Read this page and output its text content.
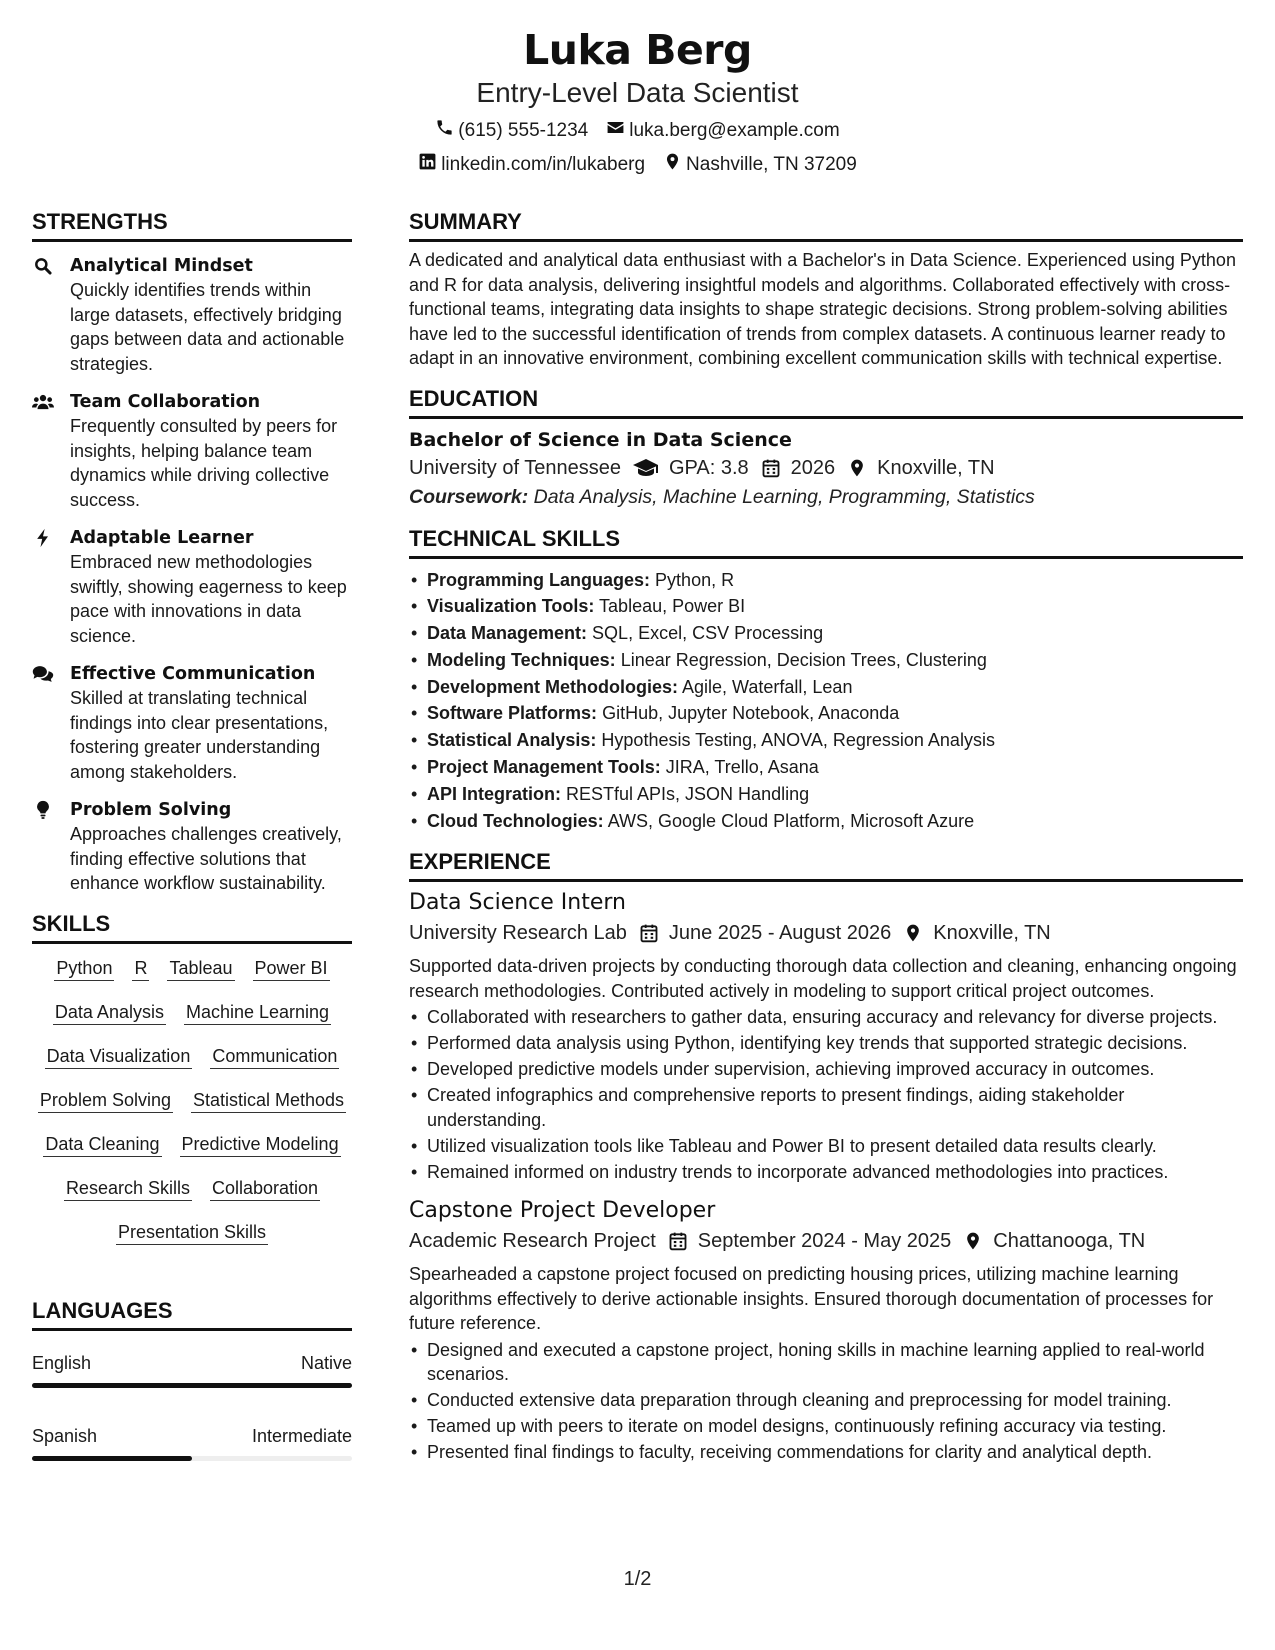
Luka Berg
Entry-Level Data Scientist
(615) 555-1234 luka.berg@example.com
linkedin.com/in/lukaberg Nashville, TN 37209
STRENGTHS
Analytical Mindset
Quickly identifies trends within large datasets, effectively bridging gaps between data and actionable strategies.
Team Collaboration
Frequently consulted by peers for insights, helping balance team dynamics while driving collective success.
Adaptable Learner
Embraced new methodologies swiftly, showing eagerness to keep pace with innovations in data science.
Effective Communication
Skilled at translating technical findings into clear presentations, fostering greater understanding among stakeholders.
Problem Solving
Approaches challenges creatively, finding effective solutions that enhance workflow sustainability.
SKILLS
Python R Tableau Power BI
Data Analysis Machine Learning
Data Visualization Communication
Problem Solving Statistical Methods
Data Cleaning Predictive Modeling
Research Skills Collaboration
Presentation Skills
LANGUAGES
English	Native
Spanish	Intermediate
SUMMARY
A dedicated and analytical data enthusiast with a Bachelor's in Data Science. Experienced using Python and R for data analysis, delivering insightful models and algorithms. Collaborated effectively with cross-functional teams, integrating data insights to shape strategic decisions. Strong problem-solving abilities have led to the successful identification of trends from complex datasets. A continuous learner ready to adapt in an innovative environment, combining excellent communication skills with technical expertise.
EDUCATION
Bachelor of Science in Data Science
University of Tennessee GPA: 3.8 2026 Knoxville, TN
Coursework: Data Analysis, Machine Learning, Programming, Statistics
TECHNICAL SKILLS
• Programming Languages: Python, R
• Visualization Tools: Tableau, Power BI
• Data Management: SQL, Excel, CSV Processing
• Modeling Techniques: Linear Regression, Decision Trees, Clustering
• Development Methodologies: Agile, Waterfall, Lean
• Software Platforms: GitHub, Jupyter Notebook, Anaconda
• Statistical Analysis: Hypothesis Testing, ANOVA, Regression Analysis
• Project Management Tools: JIRA, Trello, Asana
• API Integration: RESTful APIs, JSON Handling
• Cloud Technologies: AWS, Google Cloud Platform, Microsoft Azure
EXPERIENCE
Data Science Intern
University Research Lab June 2025 - August 2026 Knoxville, TN
Supported data-driven projects by conducting thorough data collection and cleaning, enhancing ongoing research methodologies. Contributed actively in modeling to support critical project outcomes.
• Collaborated with researchers to gather data, ensuring accuracy and relevancy for diverse projects.
• Performed data analysis using Python, identifying key trends that supported strategic decisions.
• Developed predictive models under supervision, achieving improved accuracy in outcomes.
• Created infographics and comprehensive reports to present findings, aiding stakeholder understanding.
• Utilized visualization tools like Tableau and Power BI to present detailed data results clearly.
• Remained informed on industry trends to incorporate advanced methodologies into practices.
Capstone Project Developer
Academic Research Project September 2024 - May 2025 Chattanooga, TN
Spearheaded a capstone project focused on predicting housing prices, utilizing machine learning algorithms effectively to derive actionable insights. Ensured thorough documentation of processes for future reference.
• Designed and executed a capstone project, honing skills in machine learning applied to real-world scenarios.
• Conducted extensive data preparation through cleaning and preprocessing for model training.
• Teamed up with peers to iterate on model designs, continuously refining accuracy via testing.
• Presented final findings to faculty, receiving commendations for clarity and analytical depth.
1/2
